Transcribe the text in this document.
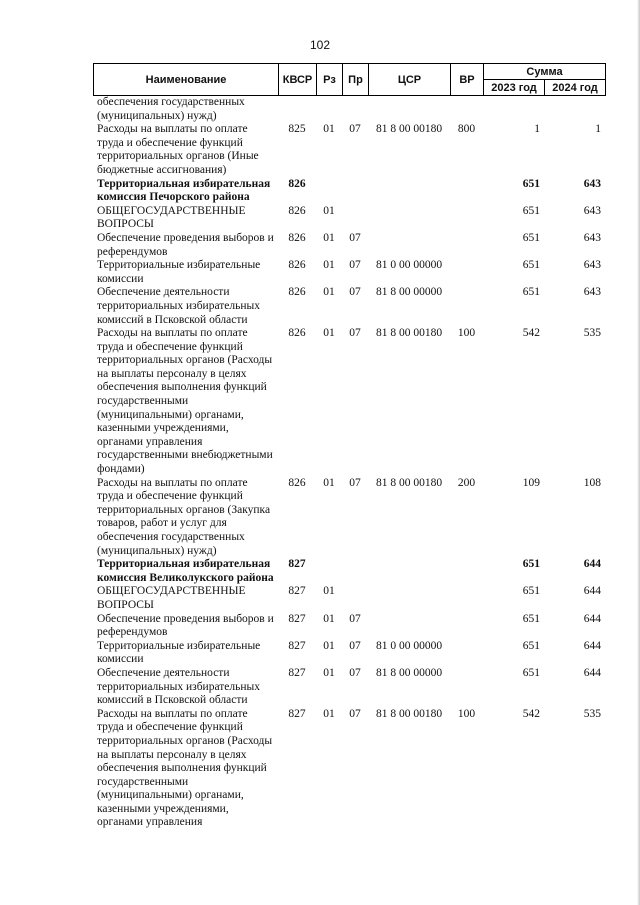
102
Наименование	КВСР	Рз	Пр	ЦСР	ВР	Сумма	
						2023 год	2024 год
обеспечения государственных (муниципальных) нужд)							
Расходы на выплаты по оплате труда и обеспечение функций территориальных органов (Иные бюджетные ассигнования)	825	01	07	81 8 00 00180	800	1	1
Территориальная избирательная комиссия Печорского района	826					651	643
ОБЩЕГОСУДАРСТВЕННЫЕ ВОПРОСЫ	826	01				651	643
Обеспечение проведения выборов и референдумов	826	01	07			651	643
Территориальные избирательные комиссии	826	01	07	81 0 00 00000		651	643
Обеспечение деятельности территориальных избирательных комиссий в Псковской области	826	01	07	81 8 00 00000		651	643
Расходы на выплаты по оплате труда и обеспечение функций территориальных органов (Расходы на выплаты персоналу в целях обеспечения выполнения функций государственными (муниципальными) органами, казенными учреждениями, органами управления государственными внебюджетными фондами)	826	01	07	81 8 00 00180	100	542	535
Расходы на выплаты по оплате труда и обеспечение функций территориальных органов (Закупка товаров, работ и услуг для обеспечения государственных (муниципальных) нужд)	826	01	07	81 8 00 00180	200	109	108
Территориальная избирательная комиссия Великолукского района	827					651	644
ОБЩЕГОСУДАРСТВЕННЫЕ ВОПРОСЫ	827	01				651	644
Обеспечение проведения выборов и референдумов	827	01	07			651	644
Территориальные избирательные комиссии	827	01	07	81 0 00 00000		651	644
Обеспечение деятельности территориальных избирательных комиссий в Псковской области	827	01	07	81 8 00 00000		651	644
Расходы на выплаты по оплате труда и обеспечение функций территориальных органов (Расходы на выплаты персоналу в целях обеспечения выполнения функций государственными (муниципальными) органами, казенными учреждениями, органами управления	827	01	07	81 8 00 00180	100	542	535
